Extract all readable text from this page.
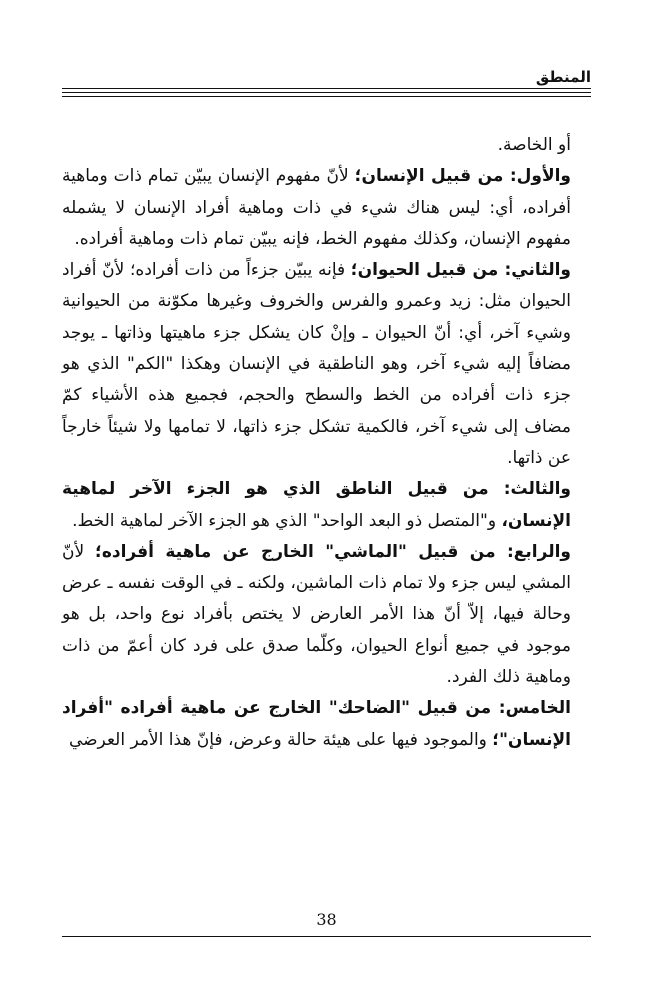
المنطق

أو الخاصة.

والأول: من قبيل الإنسان؛ لأنّ مفهوم الإنسان يبيّن تمام ذات وماهية أفراده، أي: ليس هناك شيء في ذات وماهية أفراد الإنسان لا يشمله مفهوم الإنسان، وكذلك مفهوم الخط، فإنه يبيّن تمام ذات وماهية أفراده.

والثاني: من قبيل الحيوان؛ فإنه يبيّن جزءاً من ذات أفراده؛ لأنّ أفراد الحيوان مثل: زيد وعمرو والفرس والخروف وغيرها مكوّنة من الحيوانية وشيء آخر، أي: أنّ الحيوان ـ وإنْ كان يشكل جزء ماهيتها وذاتها ـ يوجد مضافاً إليه شيء آخر، وهو الناطقية في الإنسان وهكذا "الكم" الذي هو جزء ذات أفراده من الخط والسطح والحجم، فجميع هذه الأشياء كمّ مضاف إلى شيء آخر، فالكمية تشكل جزء ذاتها، لا تمامها ولا شيئاً خارجاً عن ذاتها.

والثالث: من قبيل الناطق الذي هو الجزء الآخر لماهية الإنسان، و"المتصل ذو البعد الواحد" الذي هو الجزء الآخر لماهية الخط.

والرابع: من قبيل "الماشي" الخارج عن ماهية أفراده؛ لأنّ المشي ليس جزء ولا تمام ذات الماشين، ولكنه ـ في الوقت نفسه ـ عرض وحالة فيها، إلاّ أنّ هذا الأمر العارض لا يختص بأفراد نوع واحد، بل هو موجود في جميع أنواع الحيوان، وكلّما صدق على فرد كان أعمّ من ذات وماهية ذلك الفرد.

الخامس: من قبيل "الضاحك" الخارج عن ماهية أفراده "أفراد الإنسان"؛ والموجود فيها على هيئة حالة وعرض، فإنّ هذا الأمر العرضي

38
